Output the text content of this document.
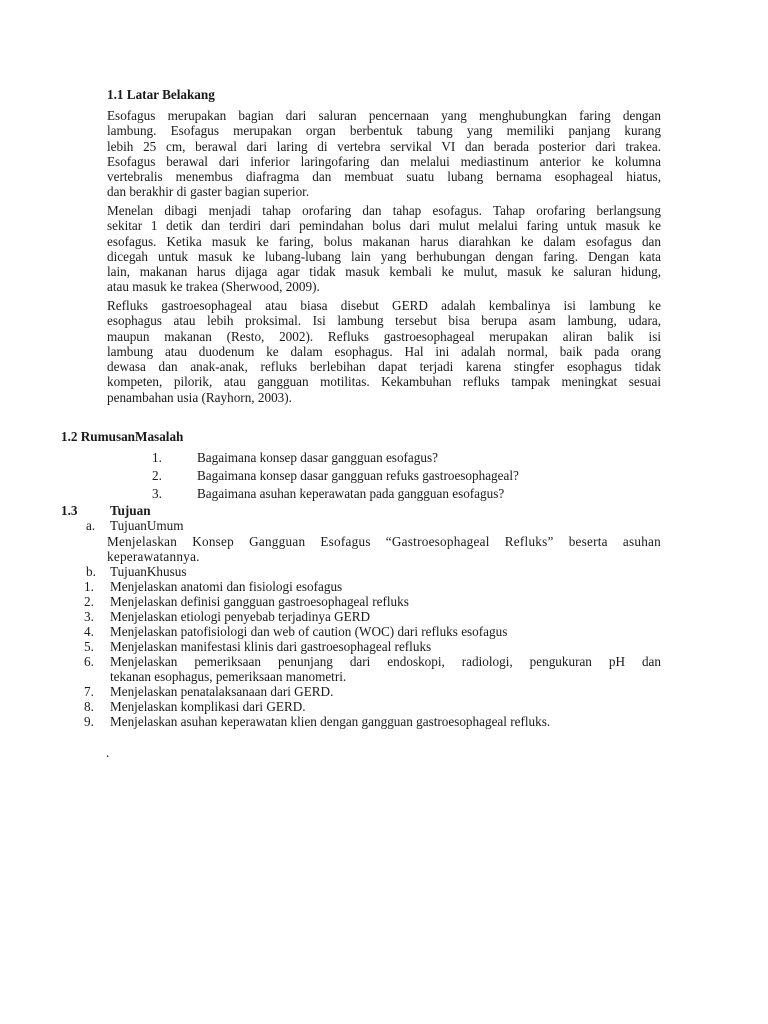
1.1 Latar Belakang
Esofagus merupakan bagian dari saluran pencernaan yang menghubungkan faring dengan
lambung. Esofagus merupakan organ berbentuk tabung yang memiliki panjang kurang
lebih 25 cm, berawal dari laring di vertebra servikal VI dan berada posterior dari trakea.
Esofagus berawal dari inferior laringofaring dan melalui mediastinum anterior ke kolumna
vertebralis menembus diafragma dan membuat suatu lubang bernama esophageal hiatus,
dan berakhir di gaster bagian superior.
Menelan dibagi menjadi tahap orofaring dan tahap esofagus. Tahap orofaring berlangsung
sekitar 1 detik dan terdiri dari pemindahan bolus dari mulut melalui faring untuk masuk ke
esofagus. Ketika masuk ke faring, bolus makanan harus diarahkan ke dalam esofagus dan
dicegah untuk masuk ke lubang-lubang lain yang berhubungan dengan faring. Dengan kata
lain, makanan harus dijaga agar tidak masuk kembali ke mulut, masuk ke saluran hidung,
atau masuk ke trakea (Sherwood, 2009).
Refluks gastroesophageal atau biasa disebut GERD adalah kembalinya isi lambung ke
esophagus atau lebih proksimal. Isi lambung tersebut bisa berupa asam lambung, udara,
maupun makanan (Resto, 2002). Refluks gastroesophageal merupakan aliran balik isi
lambung atau duodenum ke dalam esophagus. Hal ini adalah normal, baik pada orang
dewasa dan anak-anak, refluks berlebihan dapat terjadi karena stingfer esophagus tidak
kompeten, pilorik, atau gangguan motilitas. Kekambuhan refluks tampak meningkat sesuai
penambahan usia (Rayhorn, 2003).
1.2 RumusanMasalah
1.	Bagaimana konsep dasar gangguan esofagus?
2.	Bagaimana konsep dasar gangguan refuks gastroesophageal?
3.	Bagaimana asuhan keperawatan pada gangguan esofagus?
1.3 Tujuan
a. TujuanUmum
Menjelaskan Konsep Gangguan Esofagus “Gastroesophageal Refluks” beserta asuhan
keperawatannya.
b. TujuanKhusus
1. Menjelaskan anatomi dan fisiologi esofagus
2. Menjelaskan definisi gangguan gastroesophageal refluks
3. Menjelaskan etiologi penyebab terjadinya GERD
4. Menjelaskan patofisiologi dan web of caution (WOC) dari refluks esofagus
5. Menjelaskan manifestasi klinis dari gastroesophageal refluks
6. Menjelaskan pemeriksaan penunjang dari endoskopi, radiologi, pengukuran pH dan
tekanan esophagus, pemeriksaan manometri.
7. Menjelaskan penatalaksanaan dari GERD.
8. Menjelaskan komplikasi dari GERD.
9. Menjelaskan asuhan keperawatan klien dengan gangguan gastroesophageal refluks.
.
